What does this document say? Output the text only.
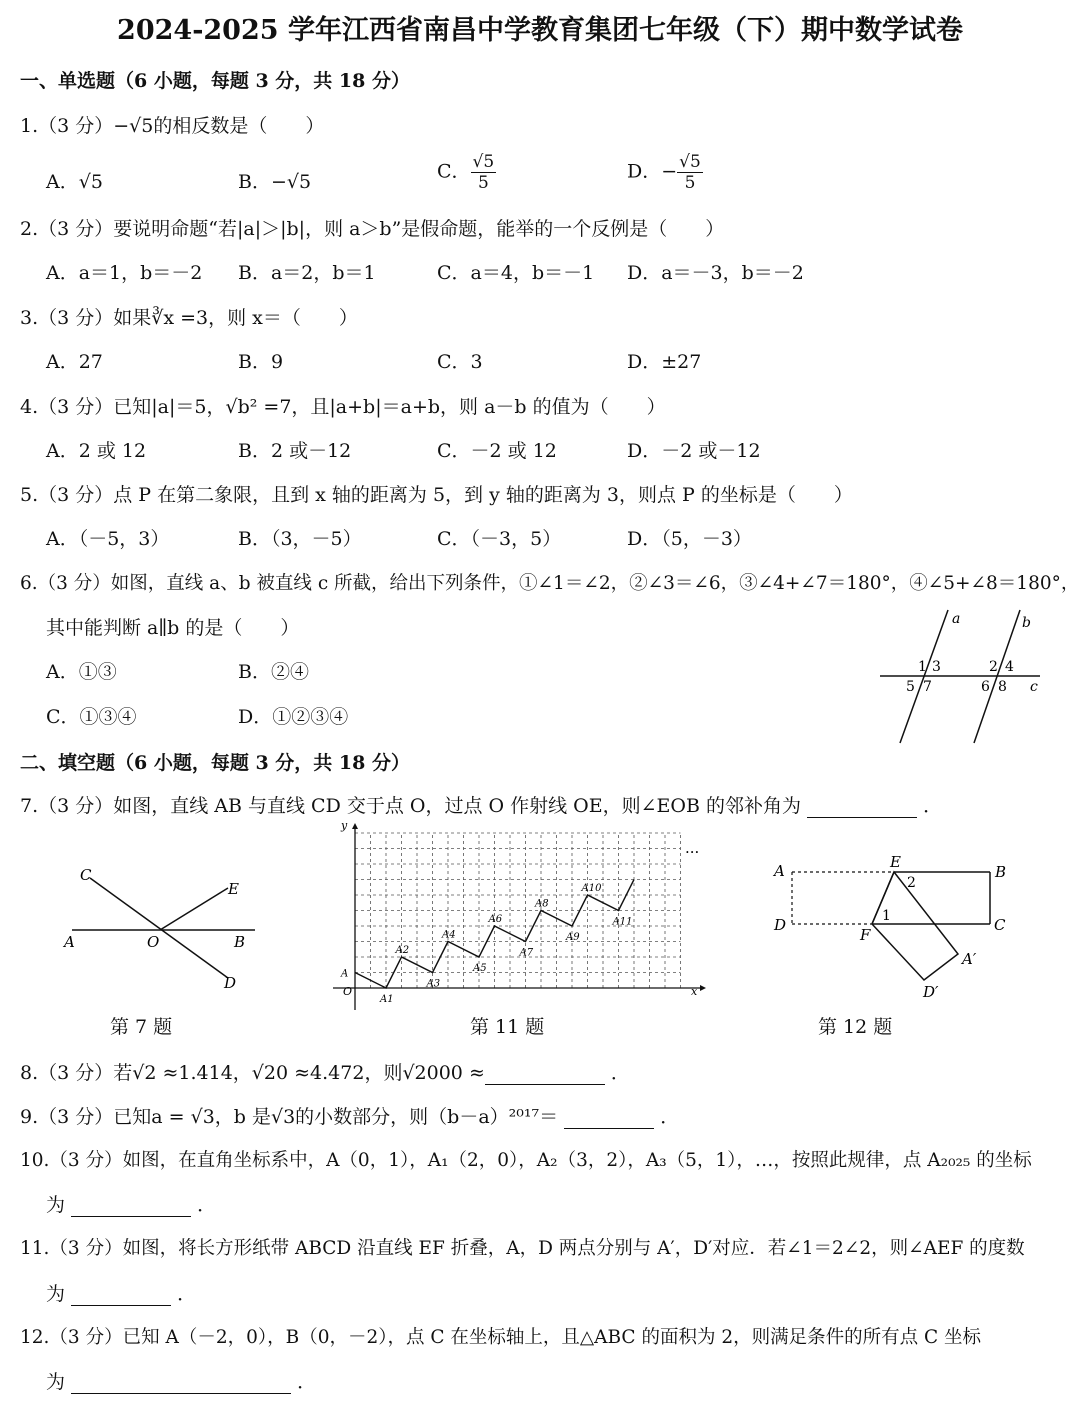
2024-2025 学年江西省南昌中学教育集团七年级（下）期中数学试卷
一、单选题（6 小题，每题 3 分，共 18 分）
1.（3 分）−√5的相反数是（　　）
A．√5	B．−√5	C． $\frac{√5}{5}$	D．− $\frac{√5}{5}$
2.（3 分）要说明命题“若|a|＞|b|，则 a＞b”是假命题，能举的一个反例是（　　）
A．a＝1，b＝－2 B．a＝2，b＝1	C．a＝4，b＝－1 D．a＝－3，b＝－2
3.（3 分）如果∛x =3，则 x＝（　　）
A．27	B．9	C．3	D．±27
4.（3 分）已知|a|＝5，√b² =7，且|a+b|＝a+b，则 a－b 的值为（　　）
A．2 或 12	B．2 或－12	C．－2 或 12	D．－2 或－12
5.（3 分）点 P 在第二象限，且到 x 轴的距离为 5，到 y 轴的距离为 3，则点 P 的坐标是（　　）
A．（－5，3）	B．（3，－5）	C．（－3，5）	D．（5，－3）
6.（3 分）如图，直线 a、b 被直线 c 所截，给出下列条件，①∠1＝∠2，②∠3＝∠6，③∠4+∠7＝180°，④∠5+∠8＝180°，
其中能判断 a∥b 的是（　　）
A．①③	B．②④
C．①③④	D．①②③④
a	b
c
1 3
5 7
2 4
6 8
二、填空题（6 小题，每题 3 分，共 18 分）
7.（3 分）如图，直线 AB 与直线 CD 交于点 O，过点 O 作射线 OE，则∠EOB 的邻补角为	．
A	B
C
D
E
O
第 7 题
y
x
O
···
A
A1
A2
A3
A4
A5
A6
A7
A8
A9
A10
A11
第 11 题
A	B
C
D
E
F
A′
D′
1
2
第 12 题
8.（3 分）若√2 ≈1.414，√20 ≈4.472，则√2000 ≈	．
9.（3 分）已知a = √3，b 是√3的小数部分，则（b－a）²⁰¹⁷＝	．
10.（3 分）如图，在直角坐标系中，A（0，1），A₁（2，0），A₂（3，2），A₃（5，1），…，按照此规律，点 A₂₀₂₅ 的坐标
为	．
11.（3 分）如图，将长方形纸带 ABCD 沿直线 EF 折叠，A，D 两点分别与 A′，D′对应．若∠1＝2∠2，则∠AEF 的度数
为	．
12.（3 分）已知 A（－2，0），B（0，－2），点 C 在坐标轴上，且△ABC 的面积为 2，则满足条件的所有点 C 坐标
为	．
